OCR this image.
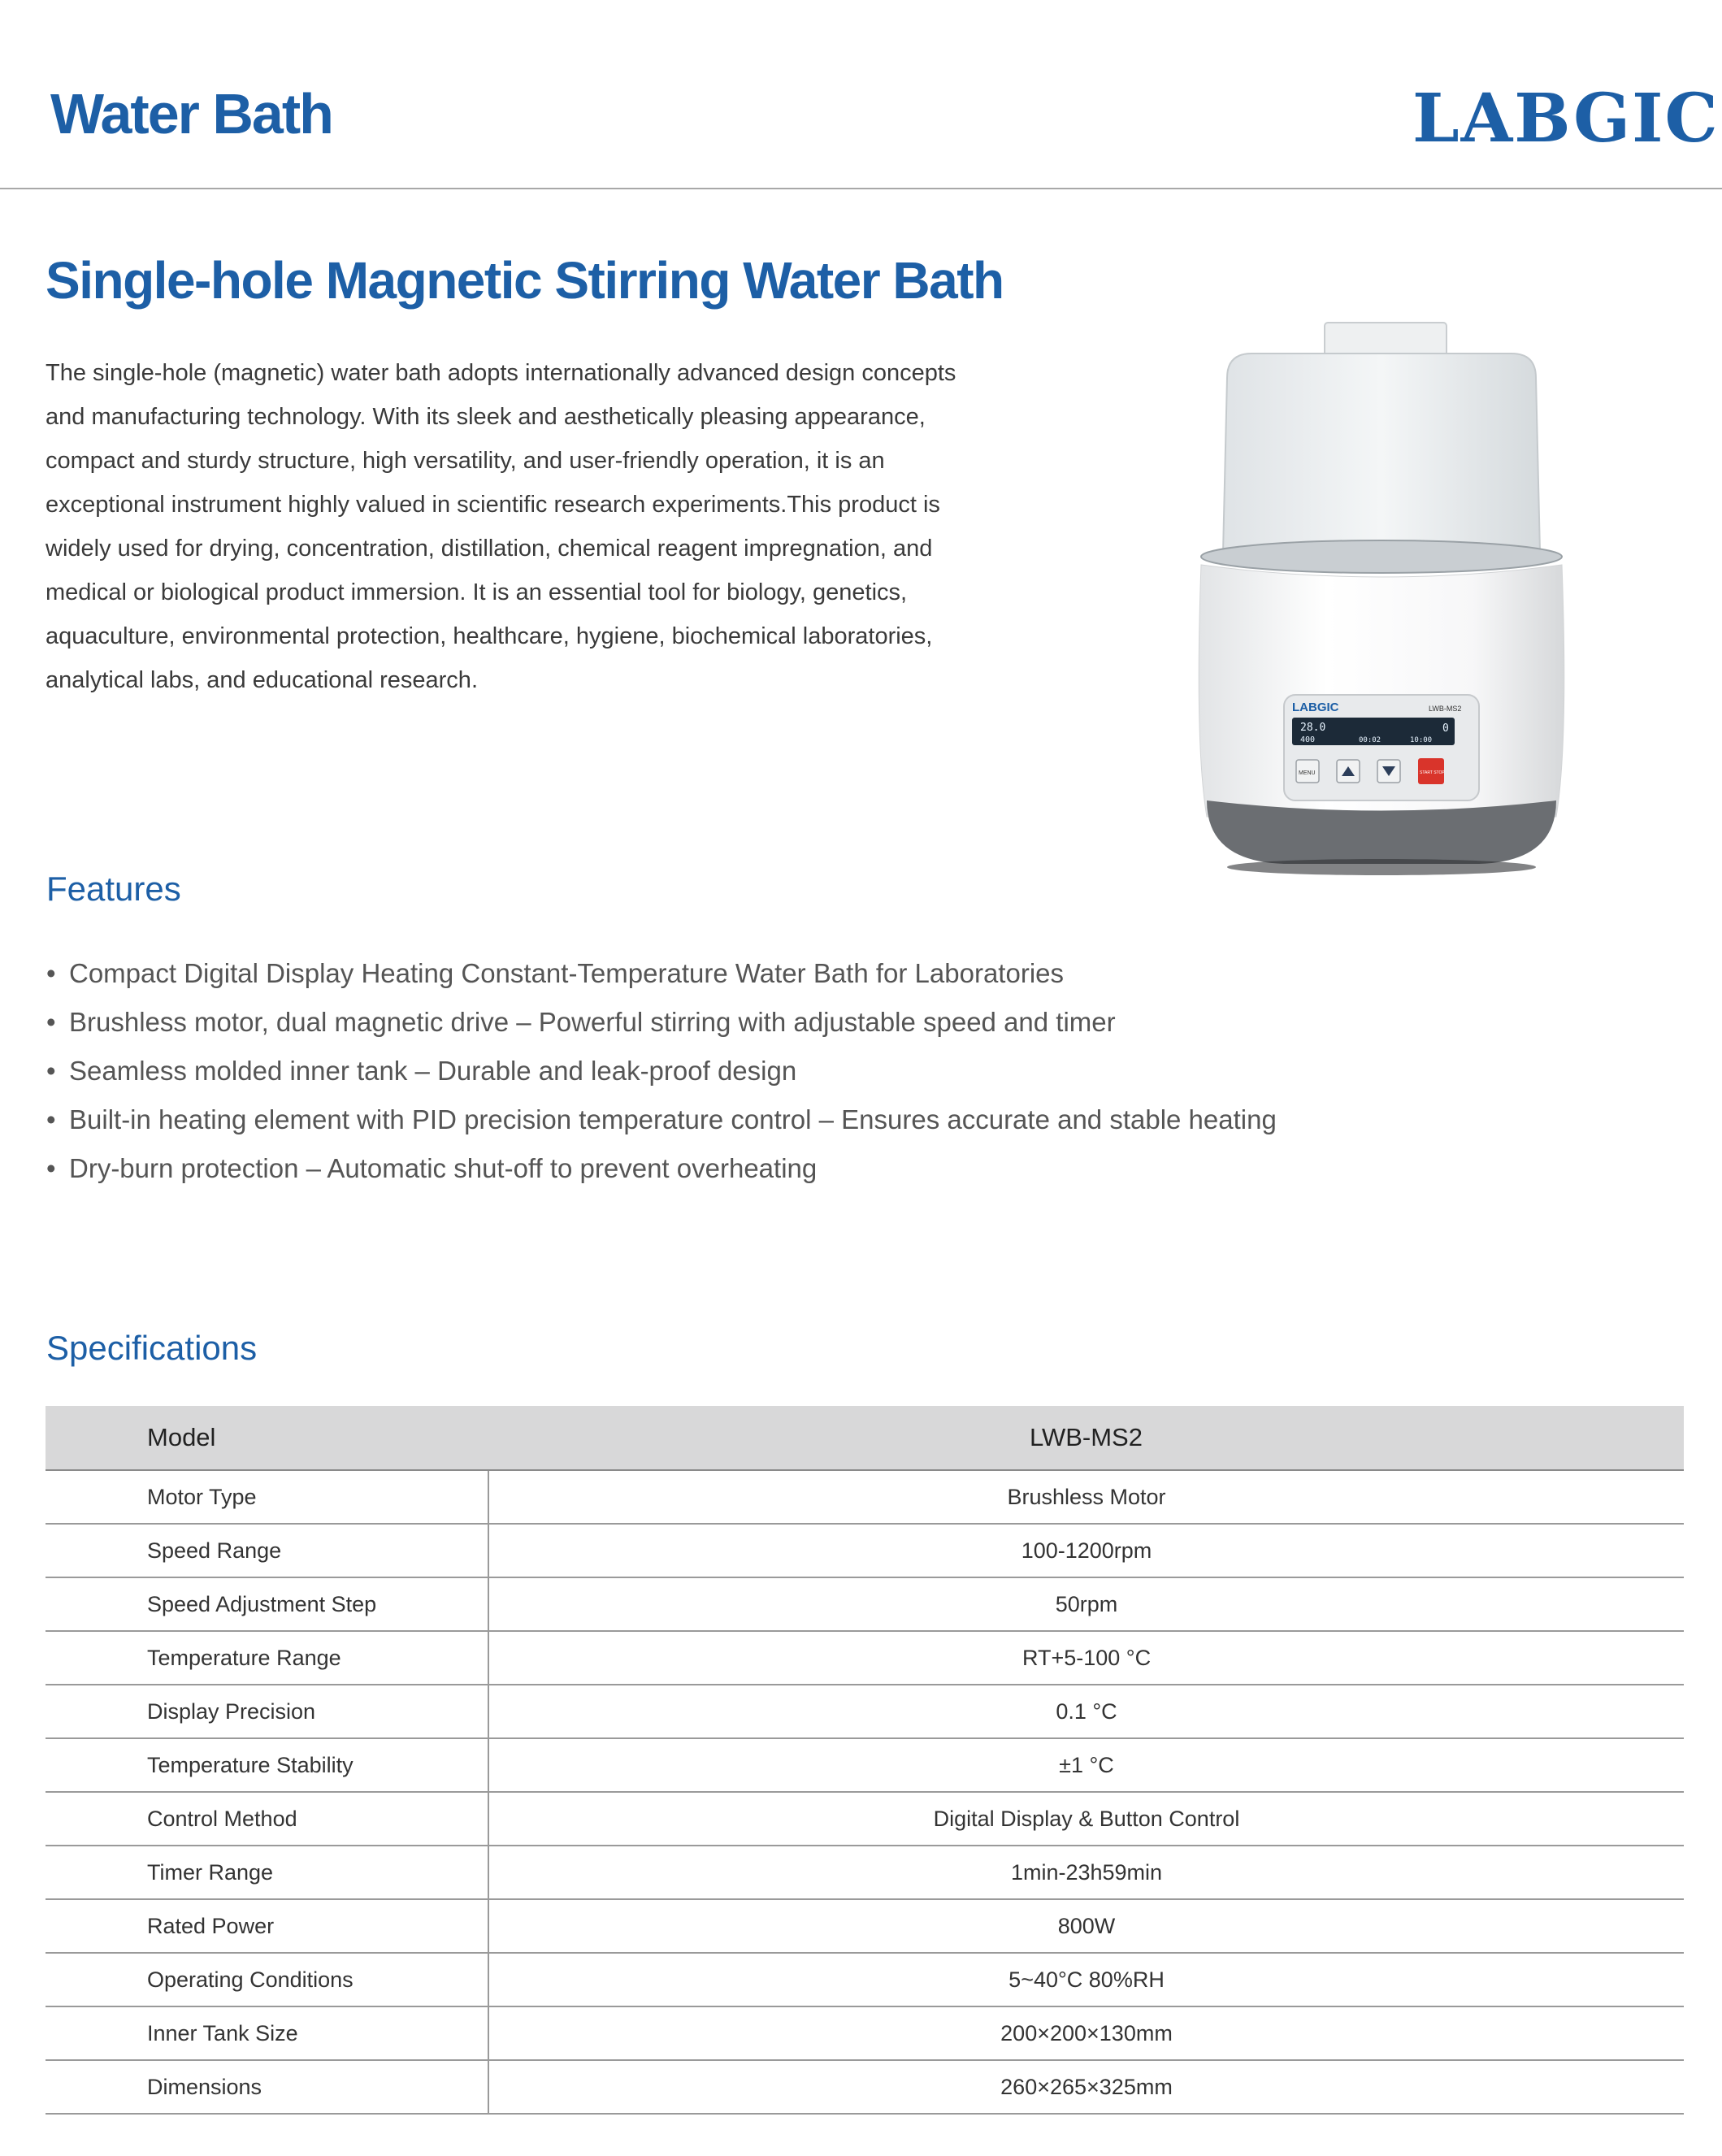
Water Bath	LABGIC
Single-hole Magnetic Stirring Water Bath

The single-hole (magnetic) water bath adopts internationally advanced design concepts and manufacturing technology. With its sleek and aesthetically pleasing appearance, compact and sturdy structure, high versatility, and user-friendly operation, it is an exceptional instrument highly valued in scientific research experiments.This product is widely used for drying, concentration, distillation, chemical reagent impregnation, and medical or biological product immersion. It is an essential tool for biology, genetics, aquaculture, environmental protection, healthcare, hygiene, biochemical laboratories, analytical labs, and educational research.

LABGIC	LWB-MS2
28.0
400	00:02	10:00
0
MENU	START STOP
Features
• Compact Digital Display Heating Constant-Temperature Water Bath for Laboratories
• Brushless motor, dual magnetic drive – Powerful stirring with adjustable speed and timer
• Seamless molded inner tank – Durable and leak-proof design
• Built-in heating element with PID precision temperature control – Ensures accurate and stable heating
• Dry-burn protection – Automatic shut-off to prevent overheating
Specifications
Model	LWB-MS2
Motor Type	Brushless Motor
Speed Range	100-1200rpm
Speed Adjustment Step	50rpm
Temperature Range	RT+5-100 °C
Display Precision	0.1 °C
Temperature Stability	±1 °C
Control Method	Digital Display & Button Control
Timer Range	1min-23h59min
Rated Power	800W
Operating Conditions	5~40°C 80%RH
Inner Tank Size	200×200×130mm
Dimensions	260×265×325mm
